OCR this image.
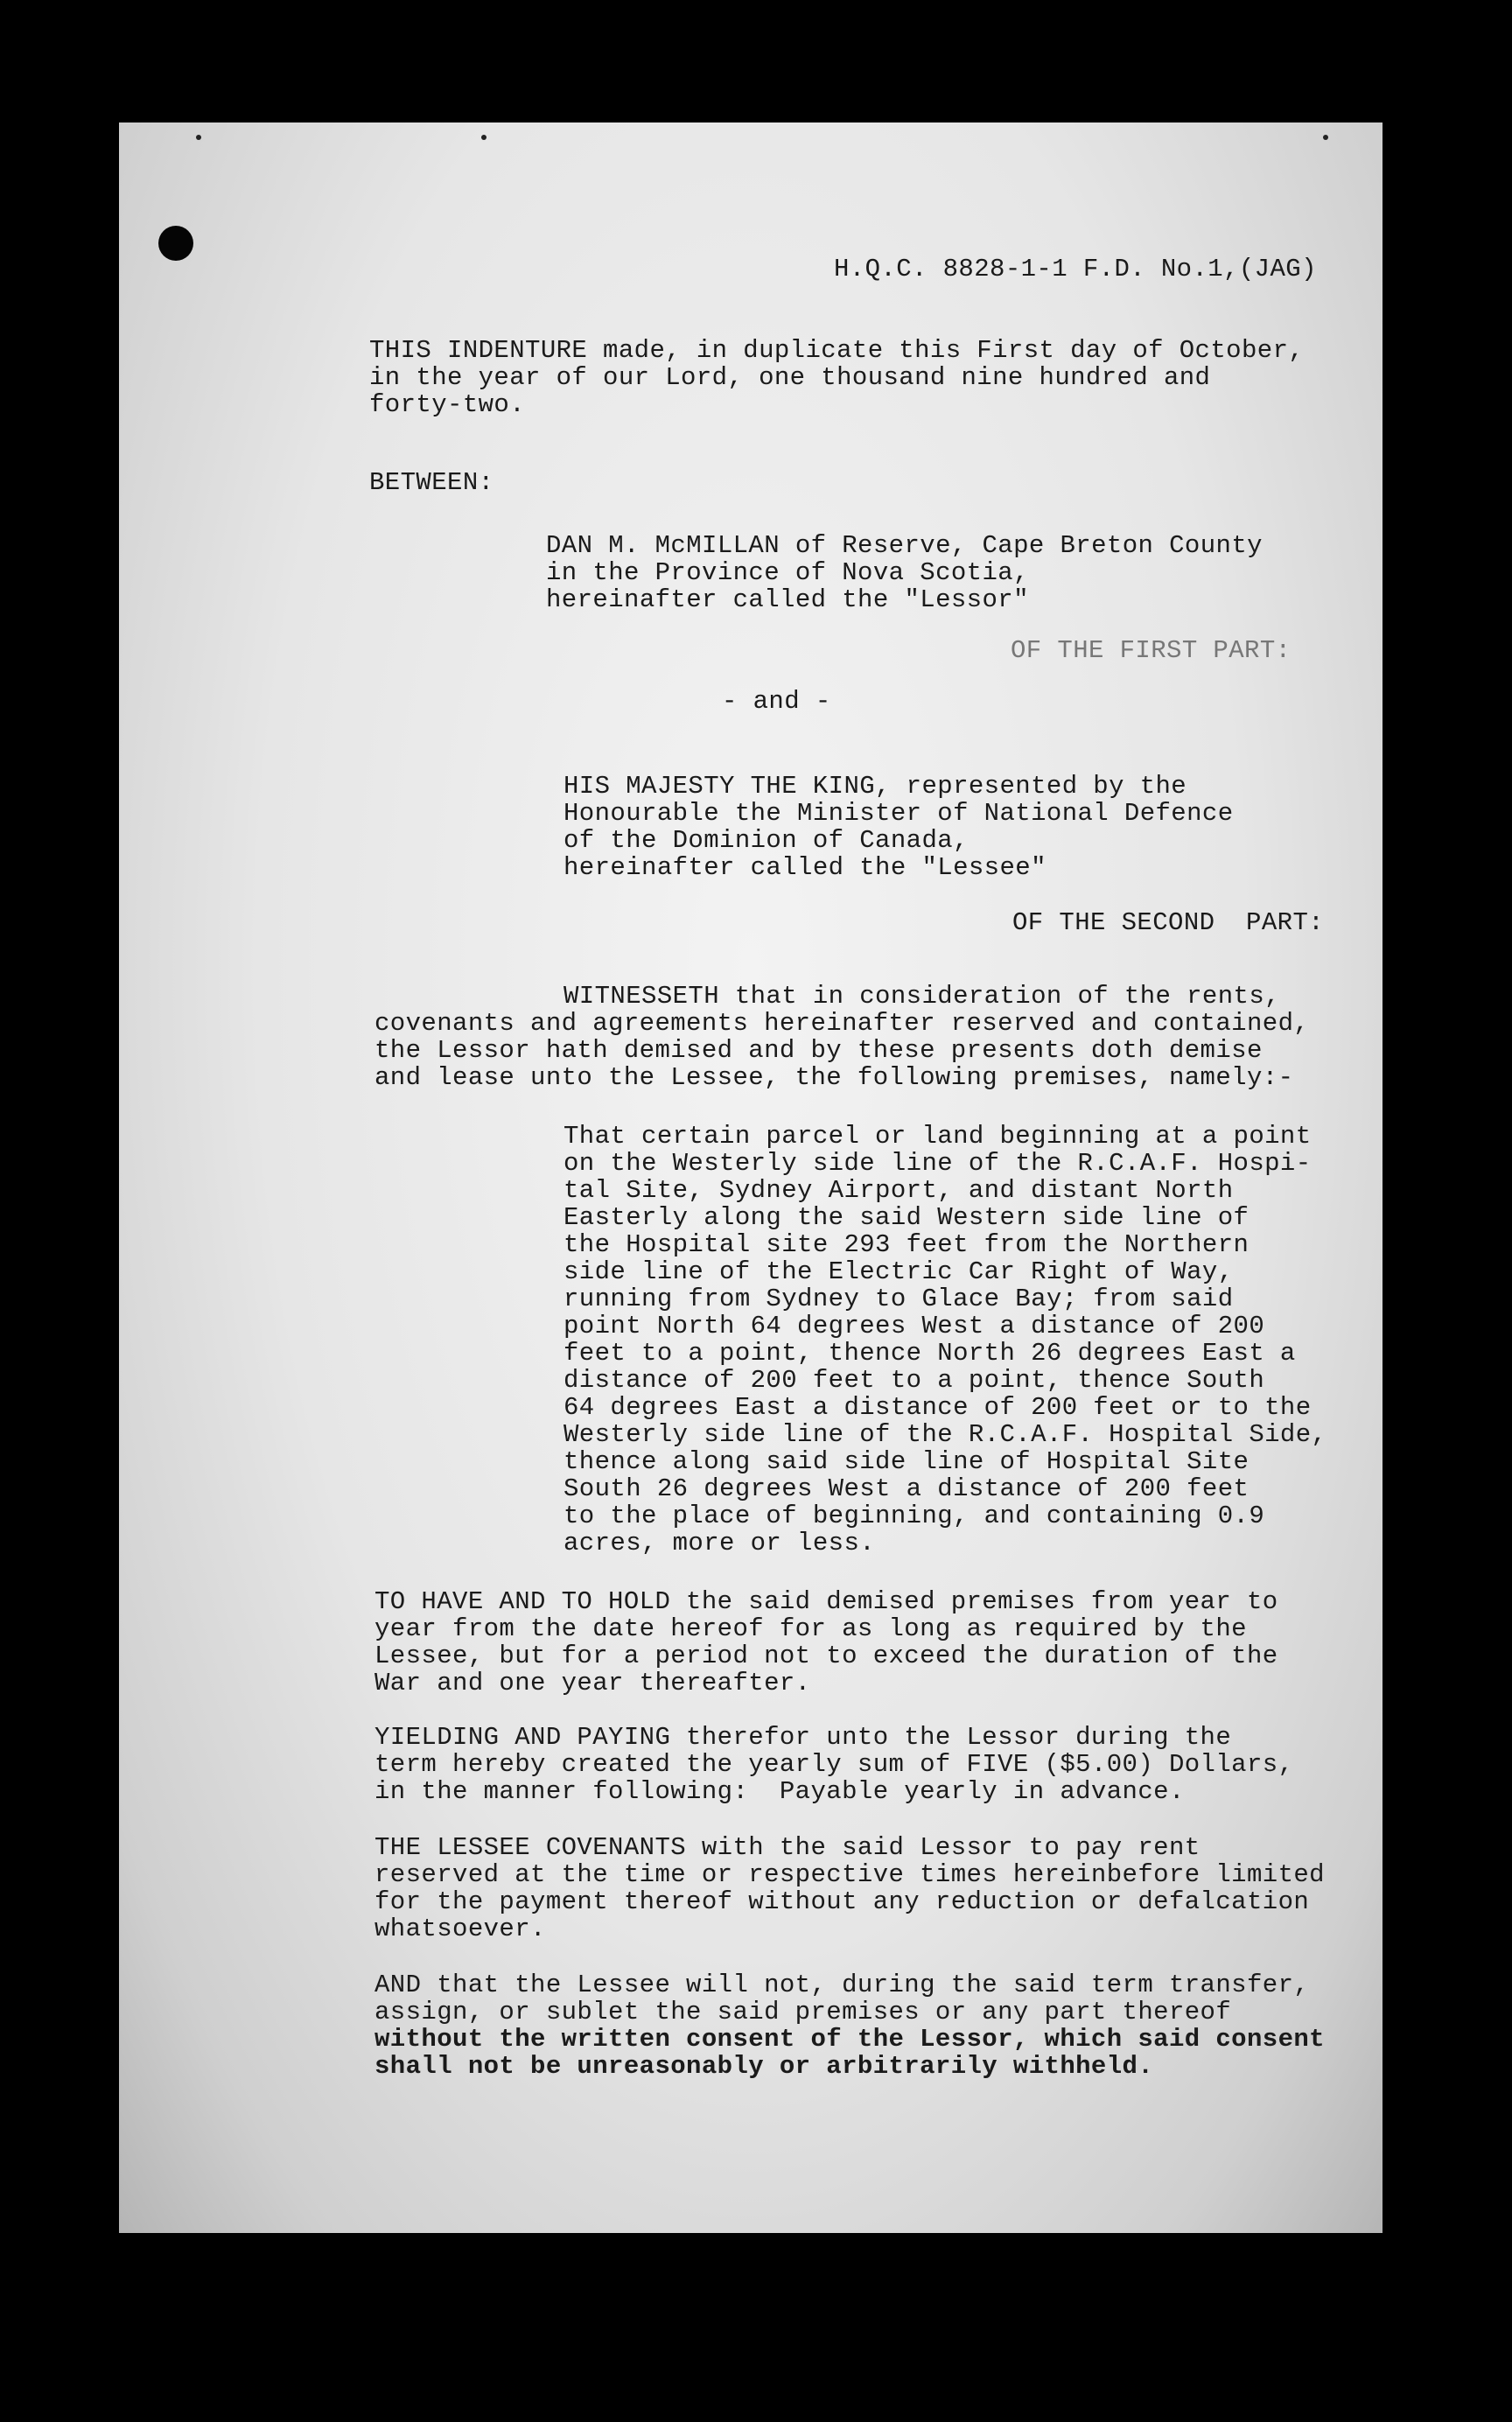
H.Q.C. 8828-1-1 F.D. No.1,(JAG)
THIS INDENTURE made, in duplicate this First day of October,
in the year of our Lord, one thousand nine hundred and
forty-two.
BETWEEN:
DAN M. McMILLAN of Reserve, Cape Breton County
in the Province of Nova Scotia,
hereinafter called the "Lessor"
OF THE FIRST PART:
- and -
HIS MAJESTY THE KING, represented by the
Honourable the Minister of National Defence
of the Dominion of Canada,
hereinafter called the "Lessee"
OF THE SECOND  PART:
WITNESSETH that in consideration of the rents,
covenants and agreements hereinafter reserved and contained,
the Lessor hath demised and by these presents doth demise
and lease unto the Lessee, the following premises, namely:-
That certain parcel or land beginning at a point
on the Westerly side line of the R.C.A.F. Hospi-
tal Site, Sydney Airport, and distant North
Easterly along the said Western side line of
the Hospital site 293 feet from the Northern
side line of the Electric Car Right of Way,
running from Sydney to Glace Bay; from said
point North 64 degrees West a distance of 200
feet to a point, thence North 26 degrees East a
distance of 200 feet to a point, thence South
64 degrees East a distance of 200 feet or to the
Westerly side line of the R.C.A.F. Hospital Side,
thence along said side line of Hospital Site
South 26 degrees West a distance of 200 feet
to the place of beginning, and containing 0.9
acres, more or less.
TO HAVE AND TO HOLD the said demised premises from year to
year from the date hereof for as long as required by the
Lessee, but for a period not to exceed the duration of the
War and one year thereafter.
YIELDING AND PAYING therefor unto the Lessor during the
term hereby created the yearly sum of FIVE ($5.00) Dollars,
in the manner following:  Payable yearly in advance.
THE LESSEE COVENANTS with the said Lessor to pay rent
reserved at the time or respective times hereinbefore limited
for the payment thereof without any reduction or defalcation
whatsoever.
AND that the Lessee will not, during the said term transfer,
assign, or sublet the said premises or any part thereof
without the written consent of the Lessor, which said consent
shall not be unreasonably or arbitrarily withheld.
